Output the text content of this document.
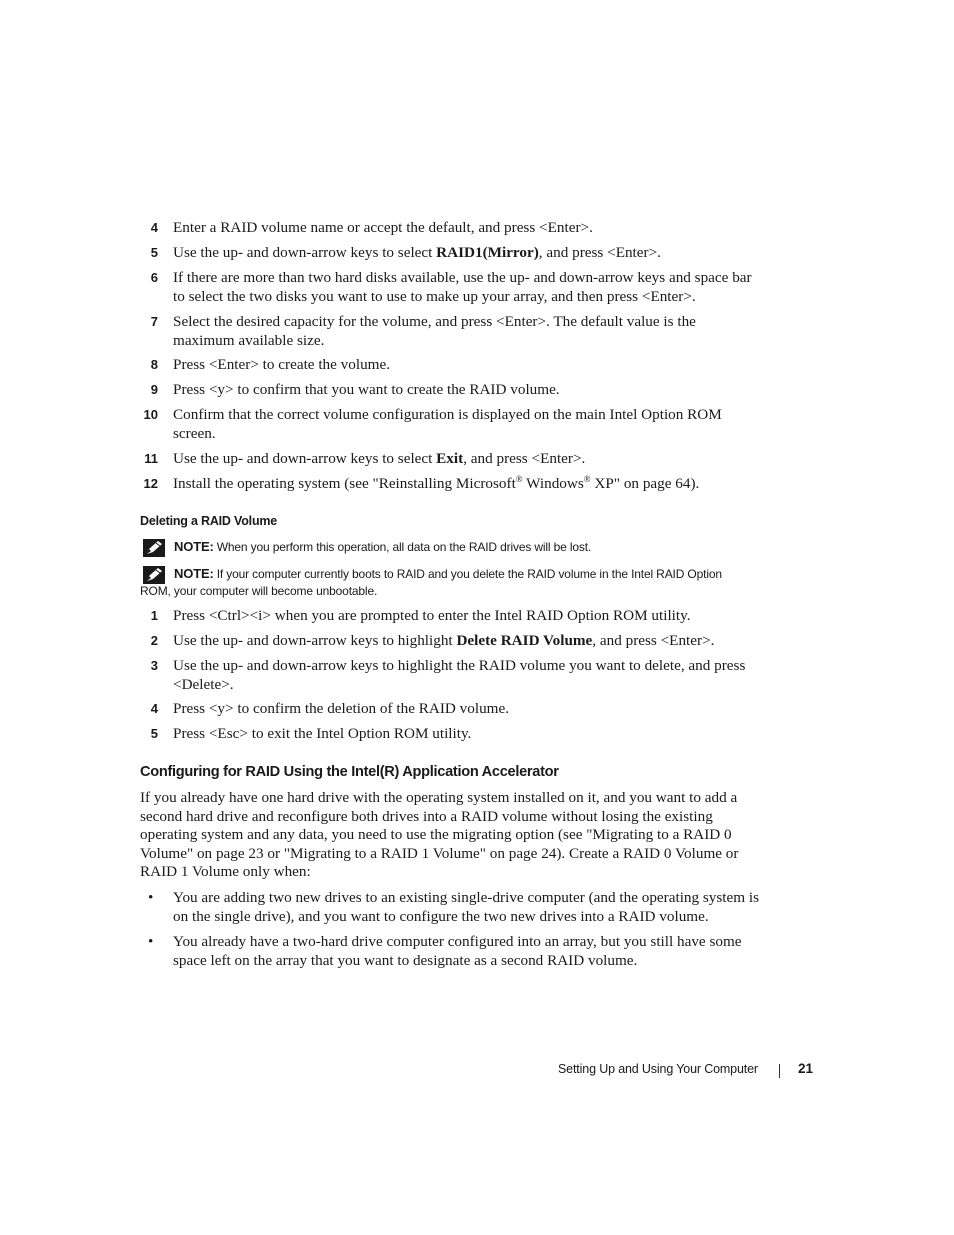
4 Enter a RAID volume name or accept the default, and press <Enter>.
5 Use the up- and down-arrow keys to select RAID1(Mirror), and press <Enter>.
6 If there are more than two hard disks available, use the up- and down-arrow keys and space bar to select the two disks you want to use to make up your array, and then press <Enter>.
7 Select the desired capacity for the volume, and press <Enter>. The default value is the maximum available size.
8 Press <Enter> to create the volume.
9 Press <y> to confirm that you want to create the RAID volume.
10 Confirm that the correct volume configuration is displayed on the main Intel Option ROM screen.
11 Use the up- and down-arrow keys to select Exit, and press <Enter>.
12 Install the operating system (see "Reinstalling Microsoft® Windows® XP" on page 64).
Deleting a RAID Volume
NOTE: When you perform this operation, all data on the RAID drives will be lost.
NOTE: If your computer currently boots to RAID and you delete the RAID volume in the Intel RAID Option
ROM, your computer will become unbootable.
1 Press <Ctrl><i> when you are prompted to enter the Intel RAID Option ROM utility.
2 Use the up- and down-arrow keys to highlight Delete RAID Volume, and press <Enter>.
3 Use the up- and down-arrow keys to highlight the RAID volume you want to delete, and press <Delete>.
4 Press <y> to confirm the deletion of the RAID volume.
5 Press <Esc> to exit the Intel Option ROM utility.
Configuring for RAID Using the Intel(R) Application Accelerator
If you already have one hard drive with the operating system installed on it, and you want to add a second hard drive and reconfigure both drives into a RAID volume without losing the existing operating system and any data, you need to use the migrating option (see "Migrating to a RAID 0 Volume" on page 23 or "Migrating to a RAID 1 Volume" on page 24). Create a RAID 0 Volume or RAID 1 Volume only when:
• You are adding two new drives to an existing single-drive computer (and the operating system is on the single drive), and you want to configure the two new drives into a RAID volume.
• You already have a two-hard drive computer configured into an array, but you still have some space left on the array that you want to designate as a second RAID volume.
Setting Up and Using Your Computer	21
